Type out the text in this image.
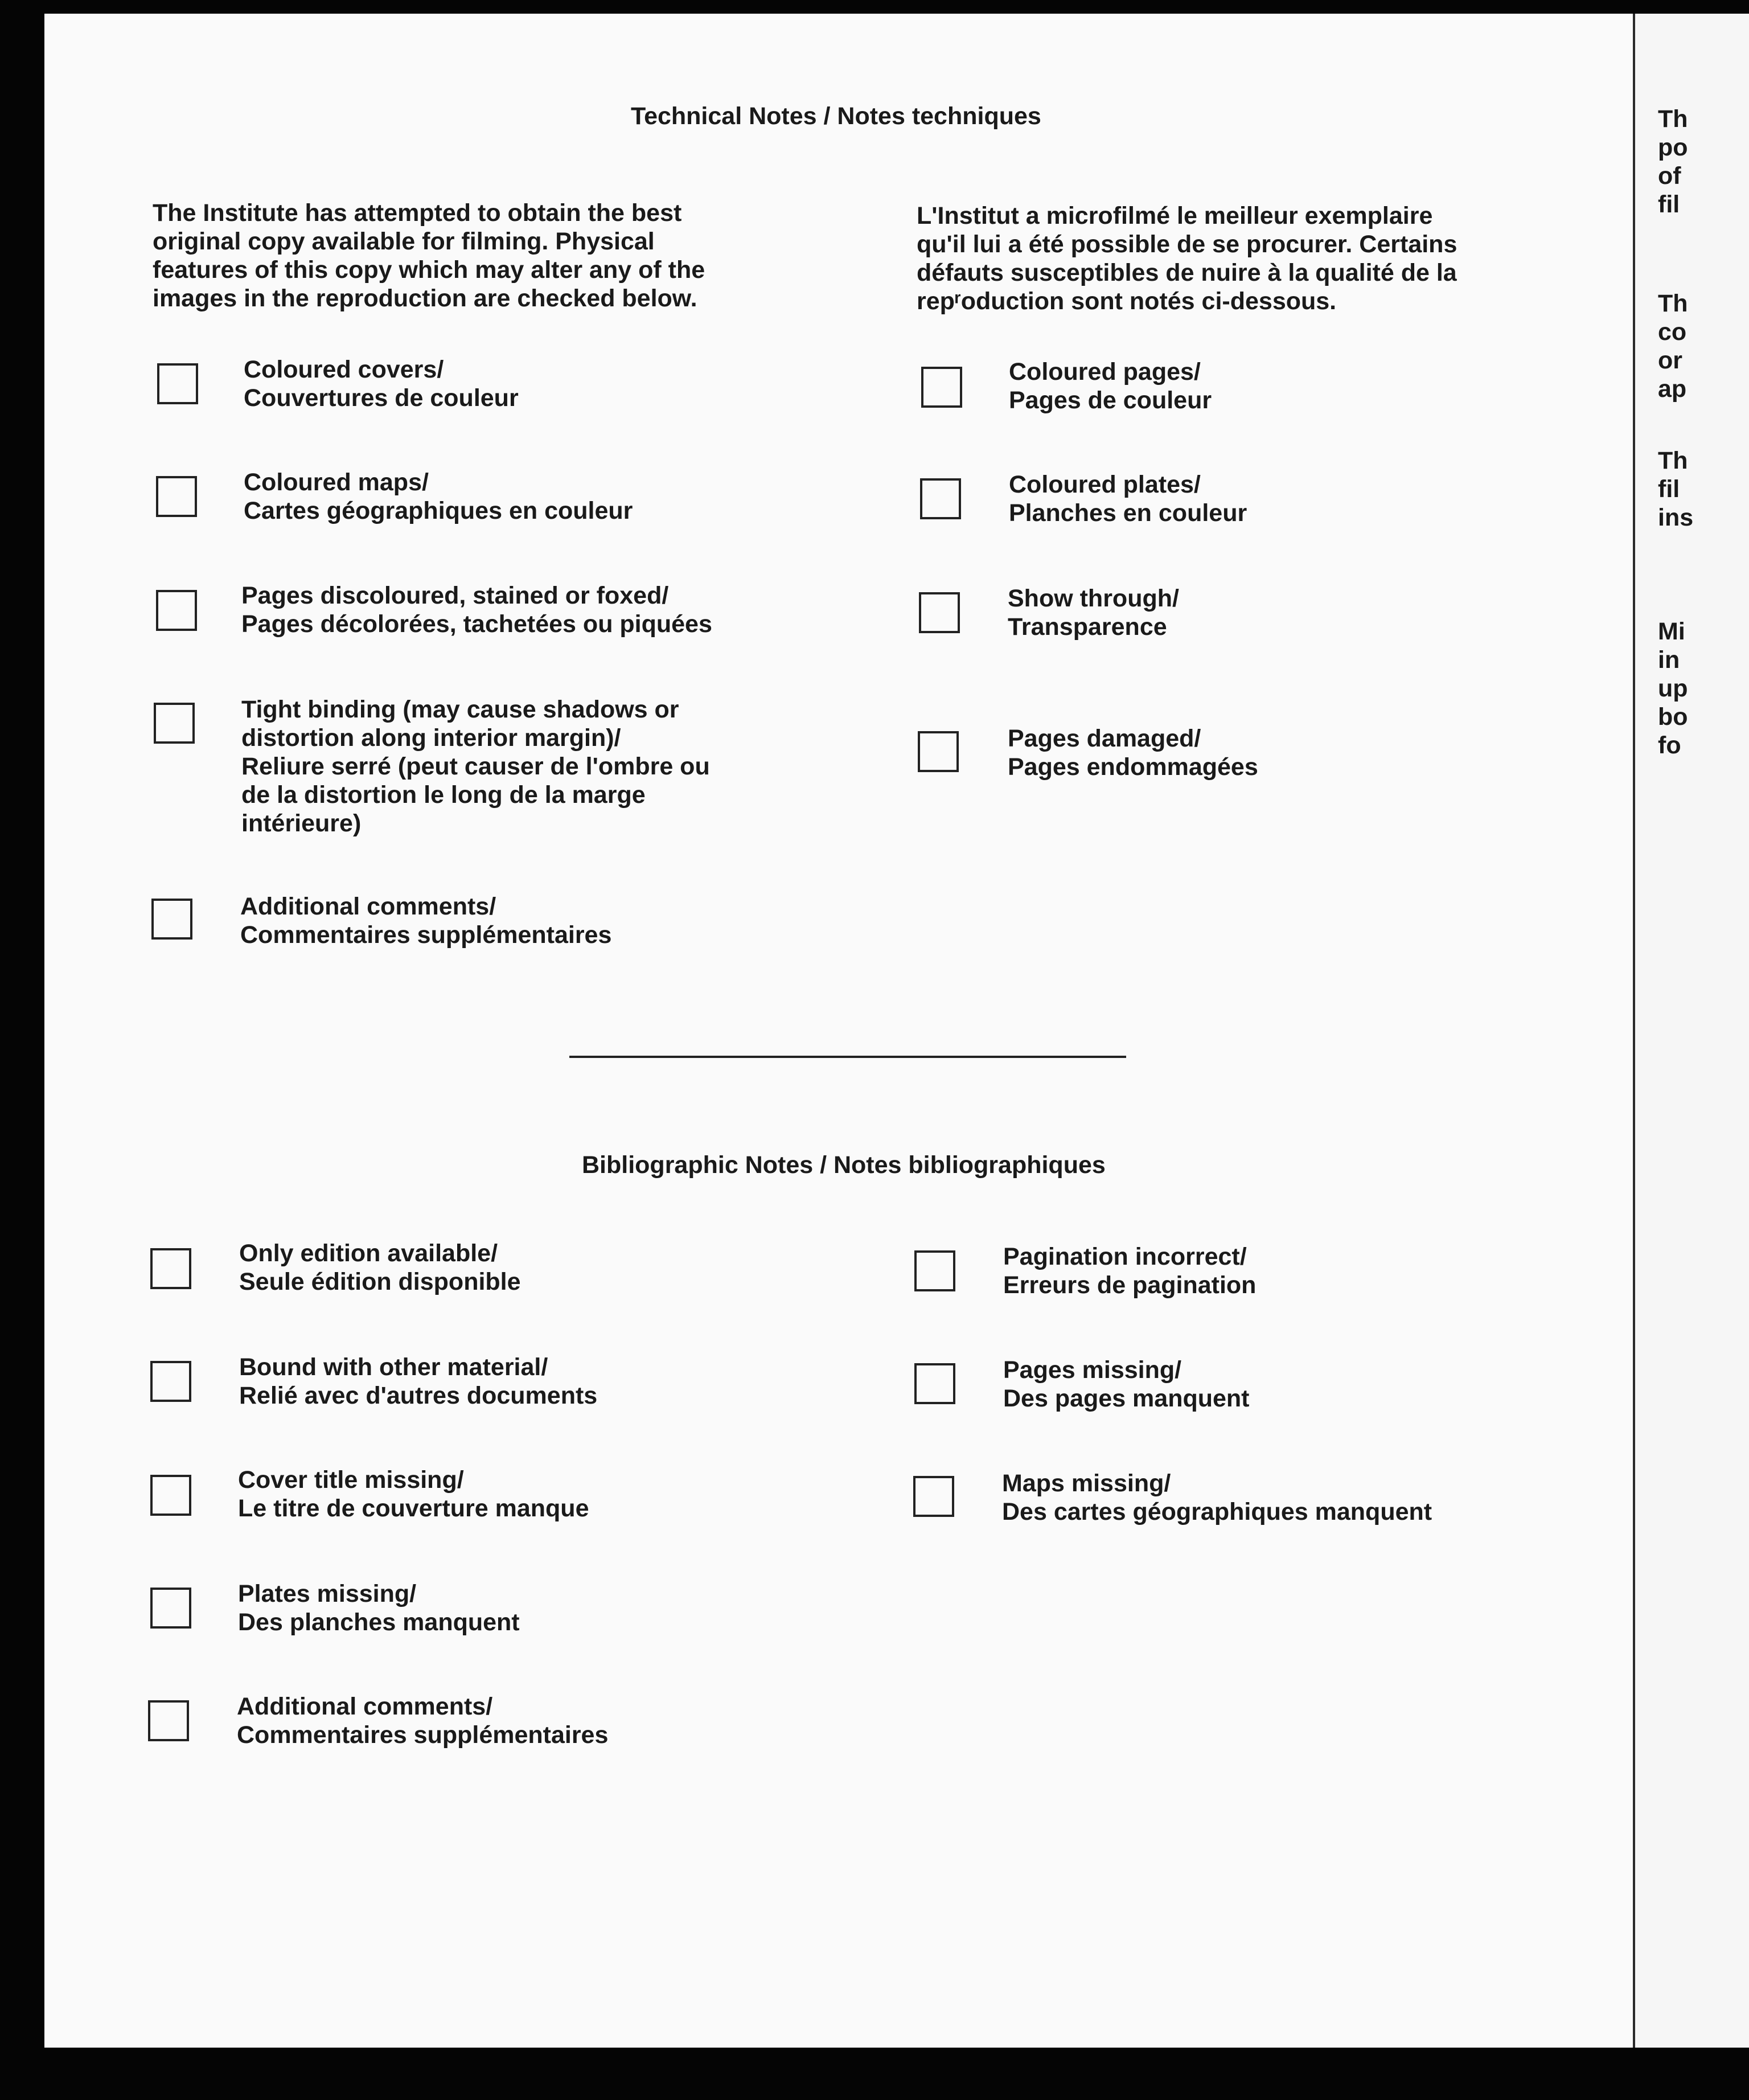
Technical Notes / Notes techniques
The Institute has attempted to obtain the best
original copy available for filming. Physical
features of this copy which may alter any of the
images in the reproduction are checked below.
L'Institut a microfilmé le meilleur exemplaire
qu'il lui a été possible de se procurer. Certains
défauts susceptibles de nuire à la qualité de la
repʳoduction sont notés ci-dessous.
Coloured covers/
Couvertures de couleur
Coloured maps/
Cartes géographiques en couleur
Pages discoloured, stained or foxed/
Pages décolorées, tachetées ou piquées
Tight binding (may cause shadows or
distortion along interior margin)/
Reliure serré (peut causer de l'ombre ou
de la distortion le long de la marge
intérieure)
Additional comments/
Commentaires supplémentaires
Coloured pages/
Pages de couleur
Coloured plates/
Planches en couleur
Show through/
Transparence
Pages damaged/
Pages endommagées
Bibliographic Notes / Notes bibliographiques
Only edition available/
Seule édition disponible
Bound with other material/
Relié avec d'autres documents
Cover title missing/
Le titre de couverture manque
Plates missing/
Des planches manquent
Additional comments/
Commentaires supplémentaires
Pagination incorrect/
Erreurs de pagination
Pages missing/
Des pages manquent
Maps missing/
Des cartes géographiques manquent
Th
po
of
fil
Th
co
or
ap
Th
fil
ins
Mi
in
up
bo
fo
